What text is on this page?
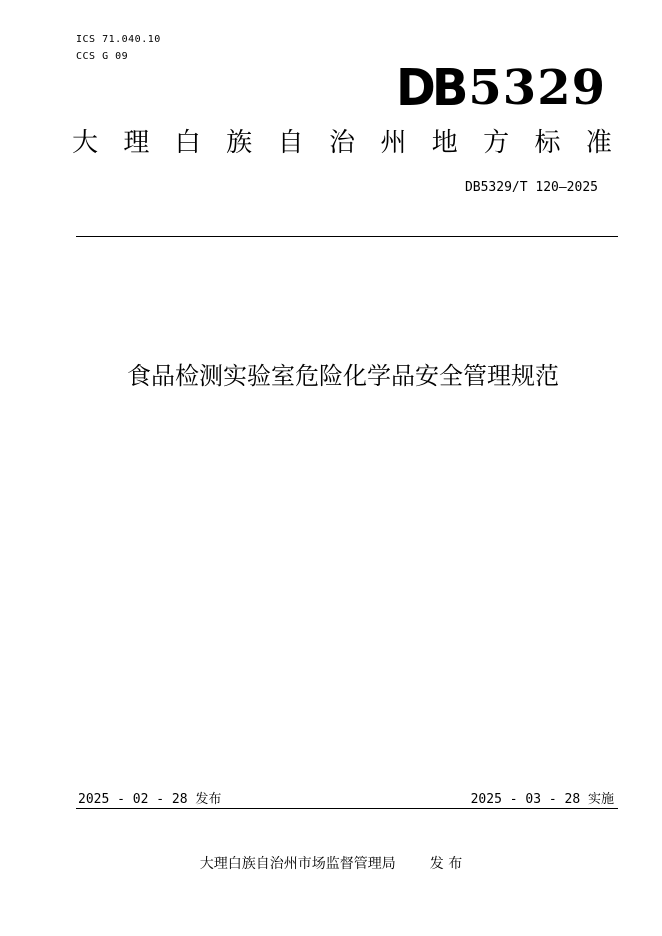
ICS 71.040.10
CCS G 09
DB 5329
大 理 白 族 自 治 州 地 方 标 准
DB5329/T 120—2025
食品检测实验室危险化学品安全管理规范
2025 - 02 - 28 发布	2025 - 03 - 28 实施
大理白族自治州市场监督管理局 发 布
